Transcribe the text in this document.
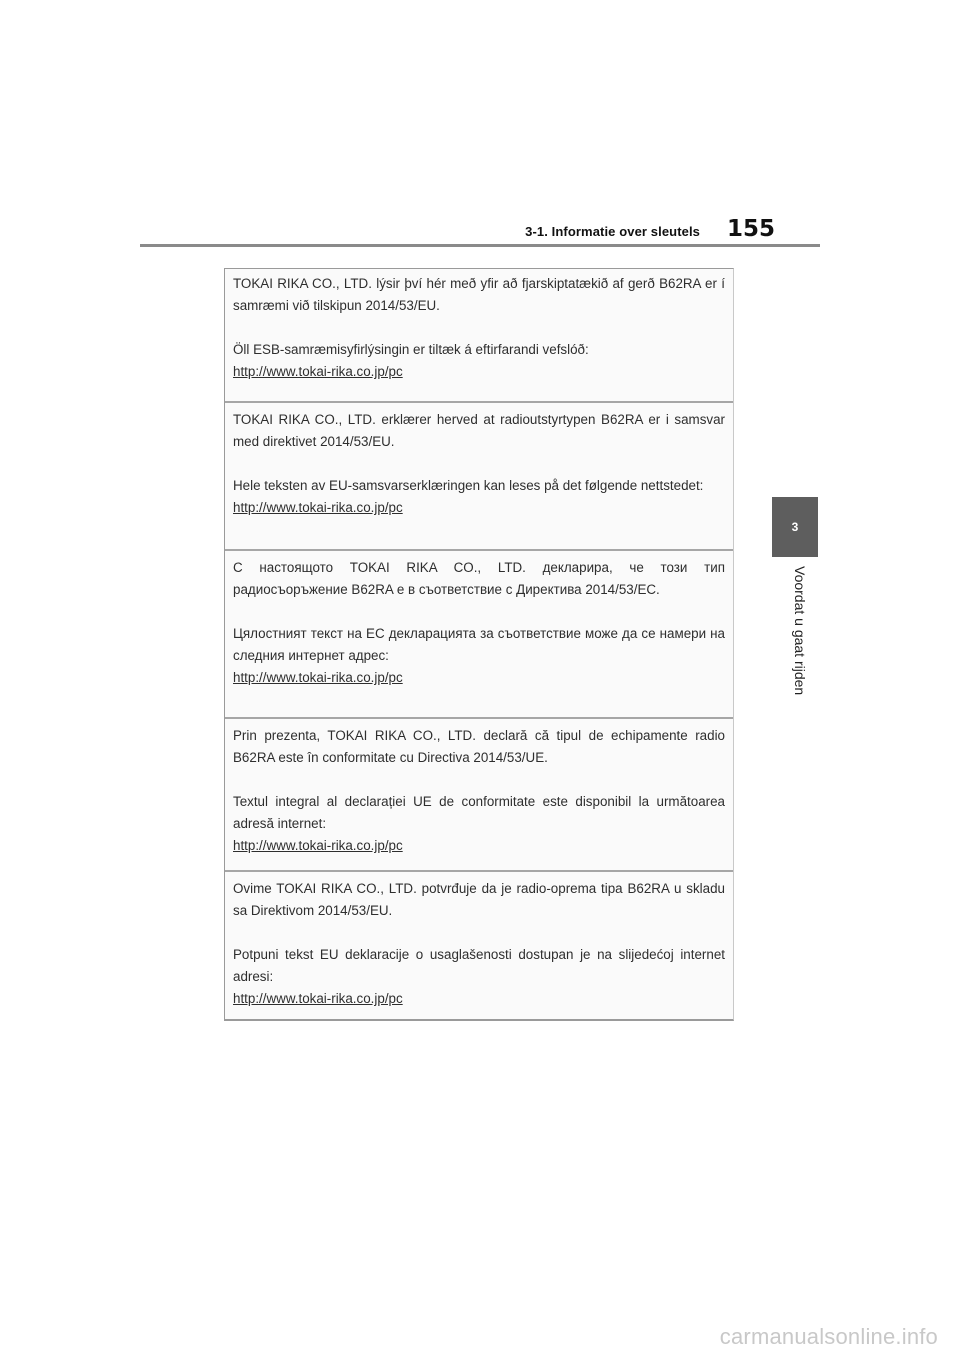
3-1. Informatie over sleutels	155
3
Voordat u gaat rijden

TOKAI RIKA CO., LTD. lýsir því hér með yfir að fjarskiptatækið af gerð B62RA er í samræmi við tilskipun 2014/53/EU.

Öll ESB-samræmisyfirlýsingin er tiltæk á eftirfarandi vefslóð:

http://www.tokai-rika.co.jp/pc

TOKAI RIKA CO., LTD. erklærer herved at radioutstyrtypen B62RA er i samsvar med direktivet 2014/53/EU.

Hele teksten av EU-samsvarserklæringen kan leses på det følgende nettstedet:

http://www.tokai-rika.co.jp/pc

С настоящото TOKAI RIKA CO., LTD. декларира, че този тип радиосъоръжение B62RA е в съответствие с Директива 2014/53/ЕС.

Цялостният текст на ЕС декларацията за съответствие може да се намери на следния интернет адрес:

http://www.tokai-rika.co.jp/pc

Prin prezenta, TOKAI RIKA CO., LTD. declară că tipul de echipamente radio B62RA este în conformitate cu Directiva 2014/53/UE.

Textul integral al declarației UE de conformitate este disponibil la următoarea adresă internet:

http://www.tokai-rika.co.jp/pc

Ovime TOKAI RIKA CO., LTD. potvrđuje da je radio-oprema tipa B62RA u skladu sa Direktivom 2014/53/EU.

Potpuni tekst EU deklaracije o usaglašenosti dostupan je na slijedećoj internet adresi:

http://www.tokai-rika.co.jp/pc

carmanualsonline.info
